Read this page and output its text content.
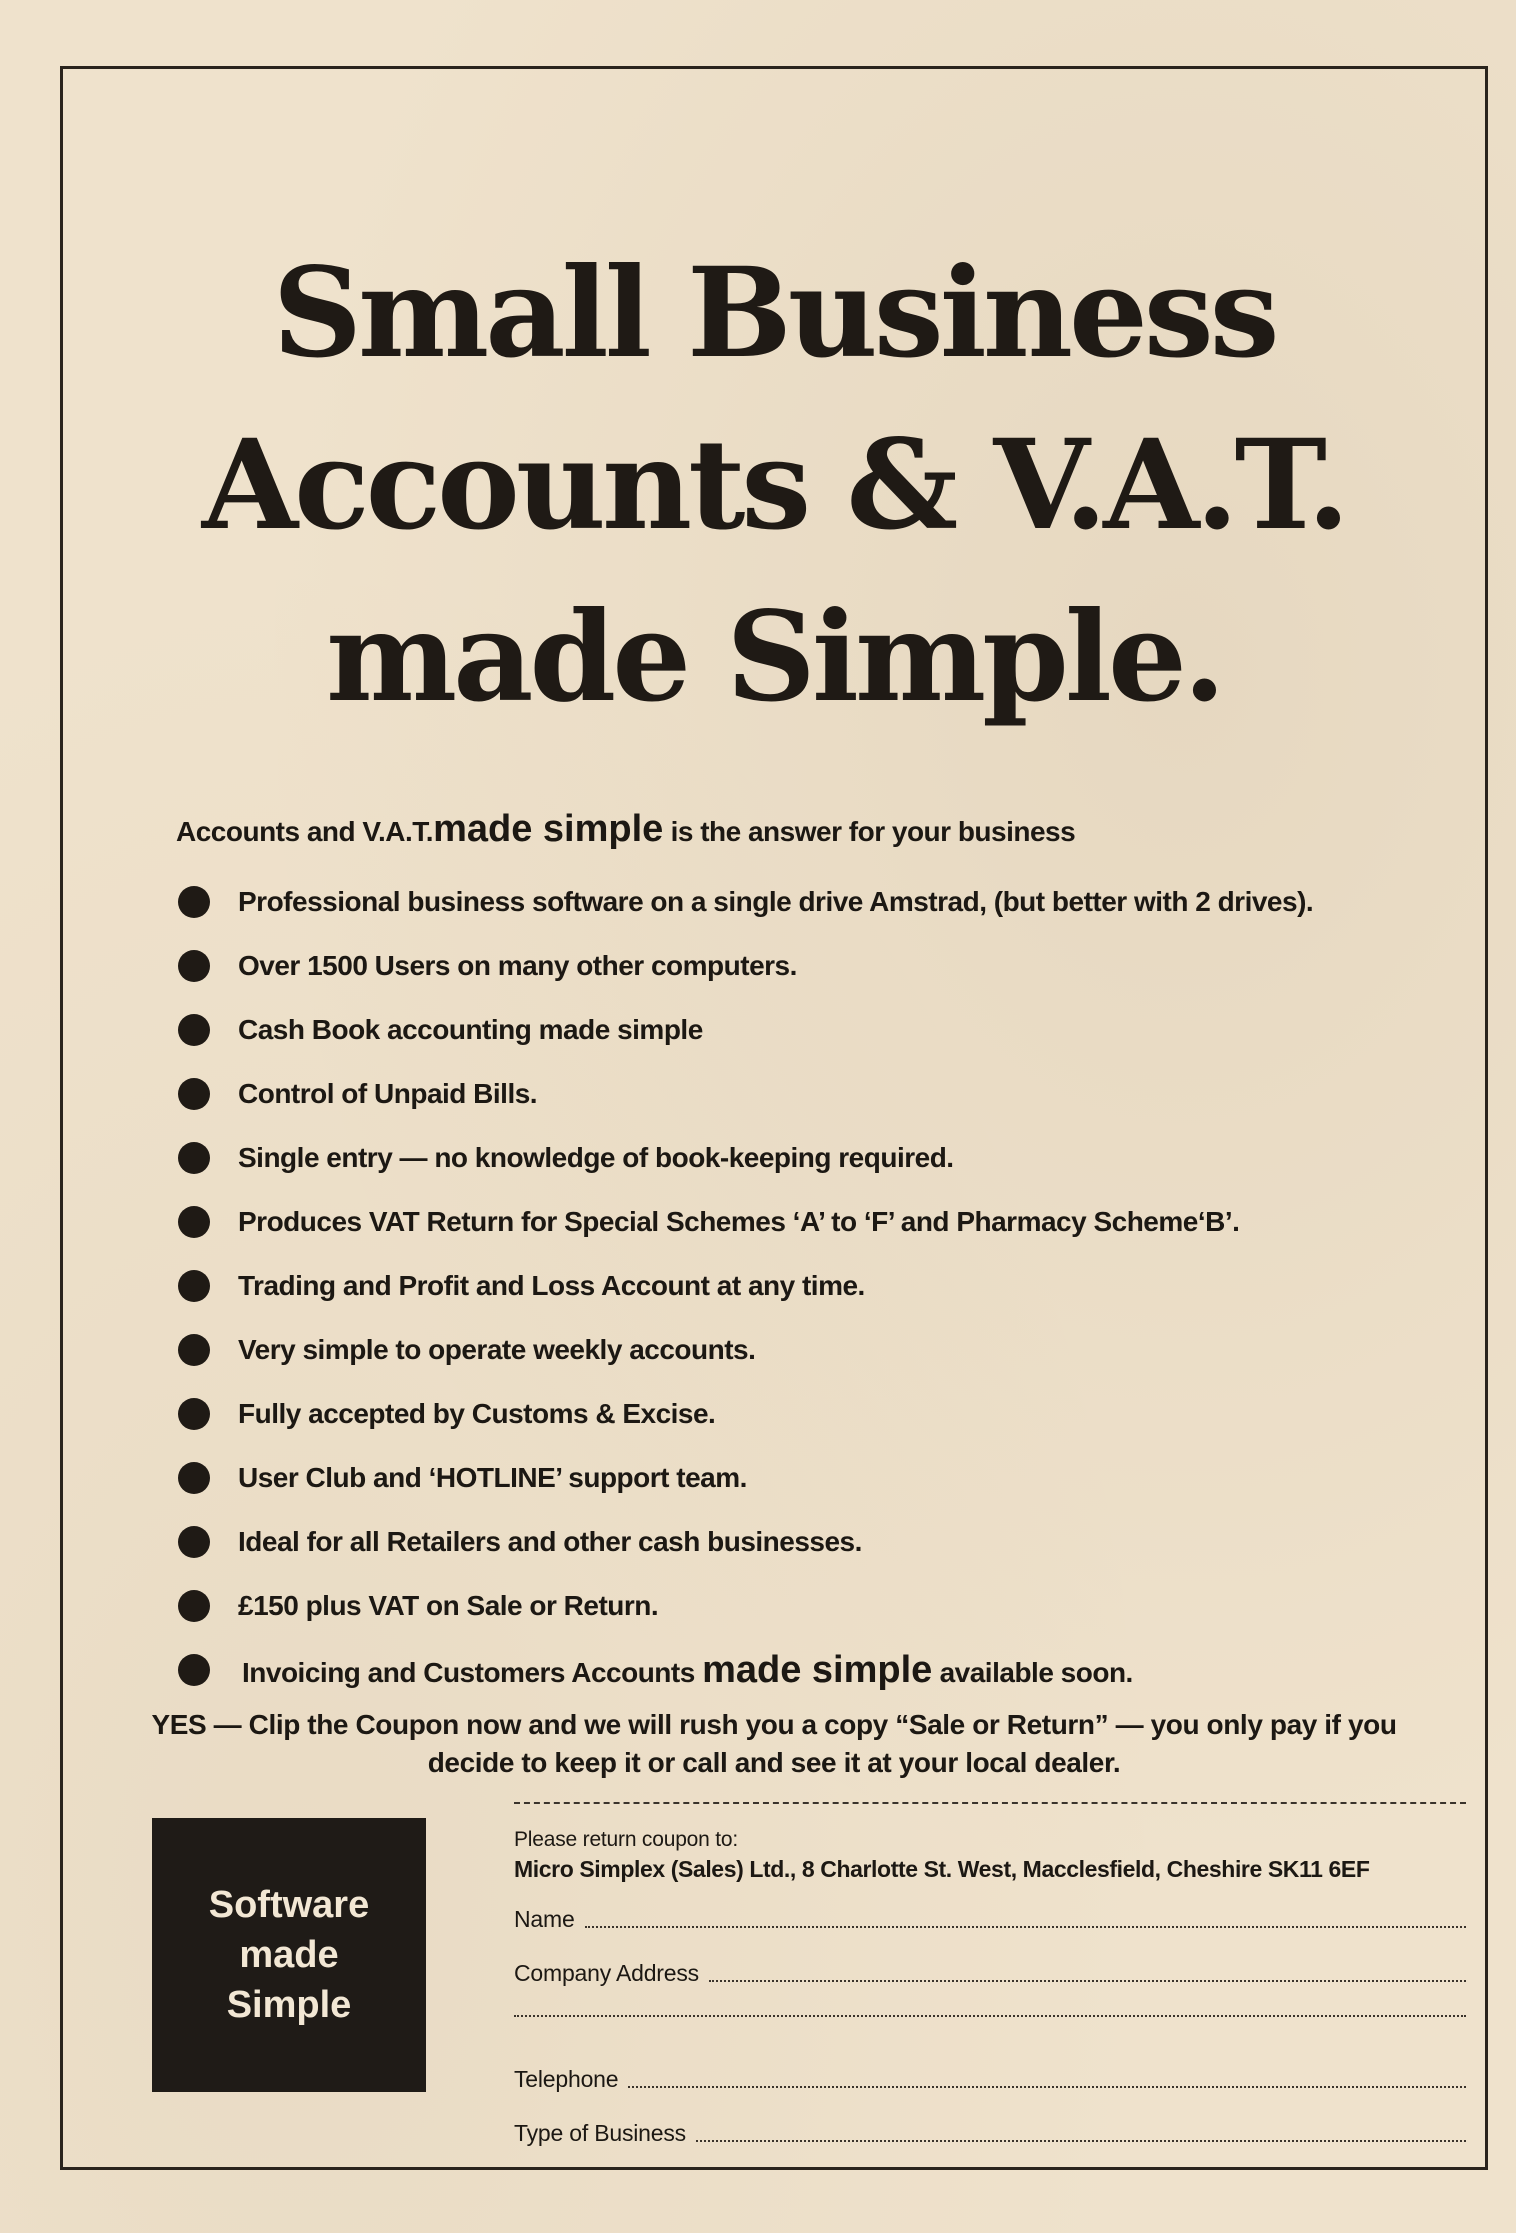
Small Business
Accounts & V.A.T.
made Simple.
Accounts and V.A.T.made simple is the answer for your business
Professional business software on a single drive Amstrad, (but better with 2 drives).
Over 1500 Users on many other computers.
Cash Book accounting made simple
Control of Unpaid Bills.
Single entry — no knowledge of book-keeping required.
Produces VAT Return for Special Schemes ‘A’ to ‘F’ and Pharmacy Scheme‘B’.
Trading and Profit and Loss Account at any time.
Very simple to operate weekly accounts.
Fully accepted by Customs & Excise.
User Club and ‘HOTLINE’ support team.
Ideal for all Retailers and other cash businesses.
£150 plus VAT on Sale or Return.
Invoicing and Customers Accounts made simple available soon.
YES — Clip the Coupon now and we will rush you a copy “Sale or Return” — you only pay if you
decide to keep it or call and see it at your local dealer.
Software
made
Simple
Please return coupon to:
Micro Simplex (Sales) Ltd., 8 Charlotte St. West, Macclesfield, Cheshire SK11 6EF
Name
Company Address
Telephone
Type of Business
